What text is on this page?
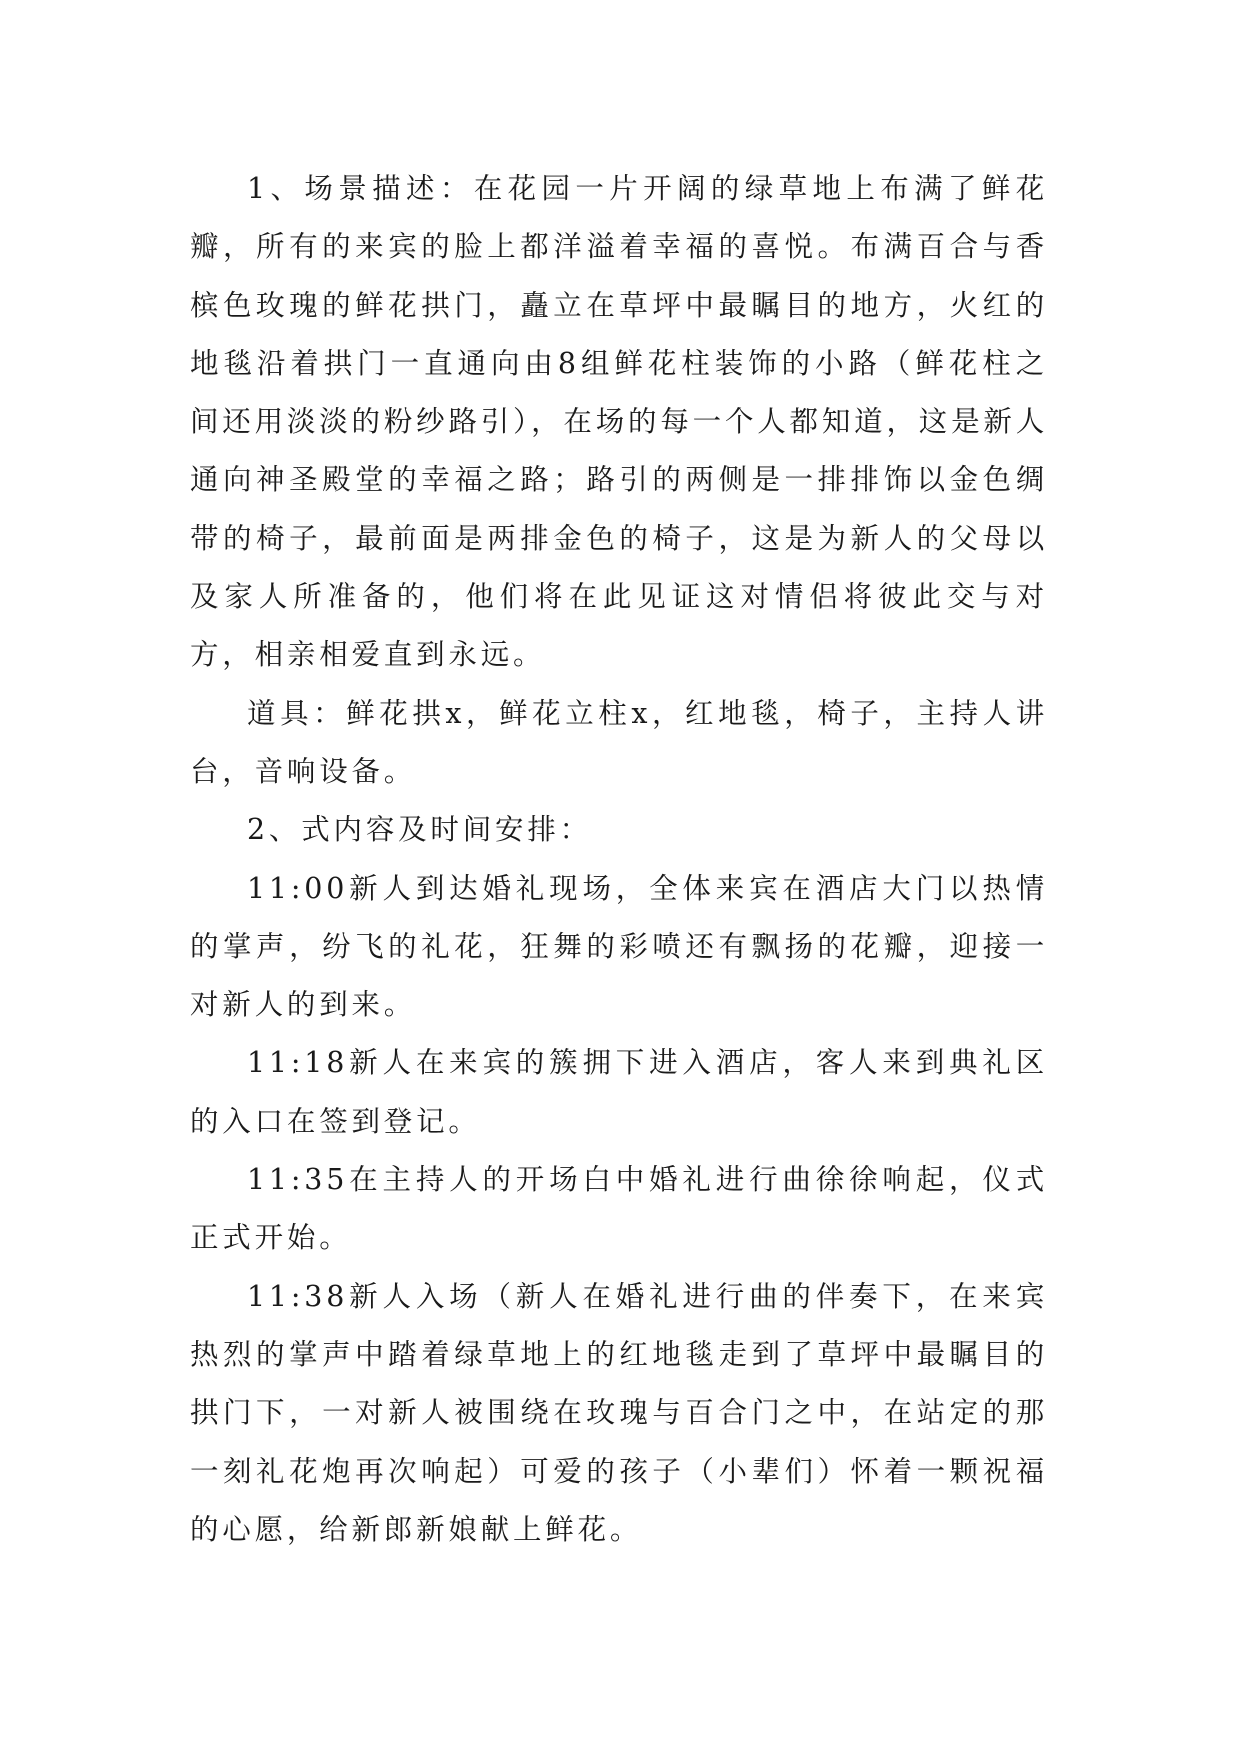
1、场景描述：在花园一片开阔的绿草地上布满了鲜花瓣，所有的来宾的脸上都洋溢着幸福的喜悦。布满百合与香槟色玫瑰的鲜花拱门，矗立在草坪中最瞩目的地方，火红的地毯沿着拱门一直通向由8组鲜花柱装饰的小路（鲜花柱之间还用淡淡的粉纱路引），在场的每一个人都知道，这是新人通向神圣殿堂的幸福之路；路引的两侧是一排排饰以金色绸带的椅子，最前面是两排金色的椅子，这是为新人的父母以及家人所准备的，他们将在此见证这对情侣将彼此交与对方，相亲相爱直到永远。

道具：鲜花拱x，鲜花立柱x，红地毯，椅子，主持人讲台，音响设备。

2、式内容及时间安排：

11:00新人到达婚礼现场，全体来宾在酒店大门以热情的掌声，纷飞的礼花，狂舞的彩喷还有飘扬的花瓣，迎接一对新人的到来。

11:18新人在来宾的簇拥下进入酒店，客人来到典礼区的入口在签到登记。

11:35在主持人的开场白中婚礼进行曲徐徐响起，仪式正式开始。

11:38新人入场（新人在婚礼进行曲的伴奏下，在来宾热烈的掌声中踏着绿草地上的红地毯走到了草坪中最瞩目的拱门下，一对新人被围绕在玫瑰与百合门之中，在站定的那一刻礼花炮再次响起）可爱的孩子（小辈们）怀着一颗祝福的心愿，给新郎新娘献上鲜花。
